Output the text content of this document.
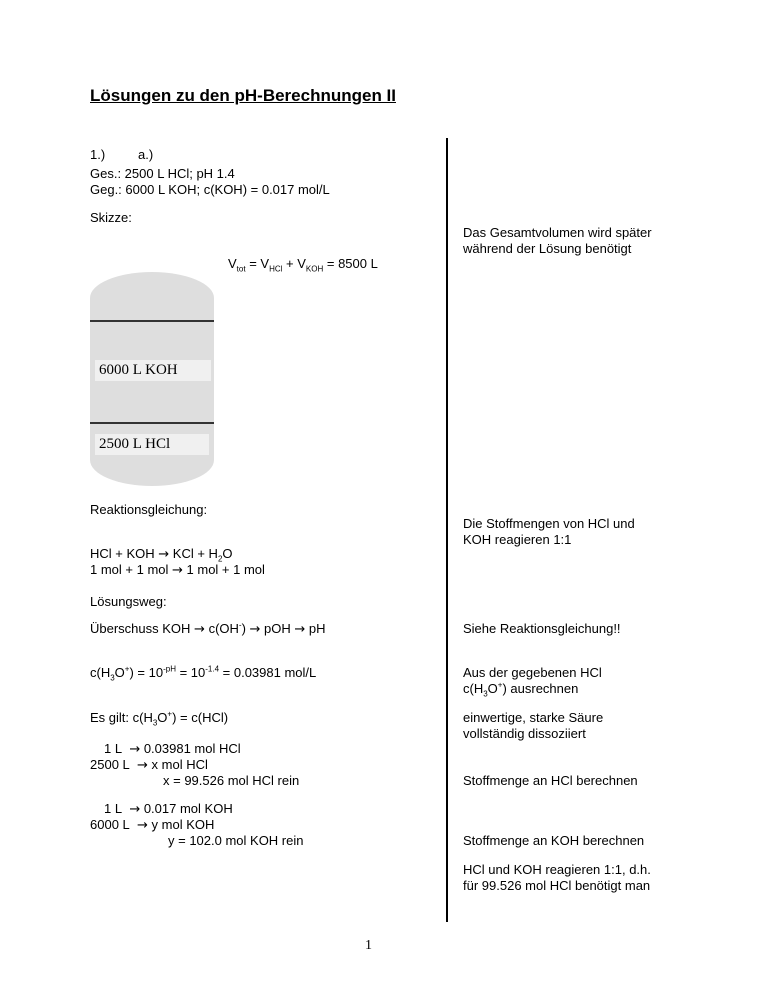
Lösungen zu den pH-Berechnungen II
1.)	a.)
Ges.: 2500 L HCl; pH 1.4
Geg.: 6000 L KOH; c(KOH) = 0.017 mol/L
Skizze:
Das Gesamtvolumen wird später
während der Lösung benötigt
$V_{tot} = V_{HCl} + V_{KOH} = 8500$ L
6000 L KOH
2500 L HCl
Reaktionsgleichung:
Die Stoffmengen von HCl und
KOH reagieren 1:1
HCl + KOH → KCl + $H_2O$
1 mol + 1 mol → 1 mol + 1 mol
Lösungsweg:
Überschuss KOH → c(OH-) → pOH → pH	Siehe Reaktionsgleichung!!
$c(H_3O^+) = 10^{-pH} = 10^{-1.4} = 0.03981$ mol/L	Aus der gegebenen HCl
$c(H_3O^+)$ ausrechnen
Es gilt: $c(H_3O^+) = c(HCl)$	einwertige, starke Säure
vollständig dissoziiert
1 L → 0.03981 mol HCl
2500 L → x mol HCl
x = 99.526 mol HCl rein	Stoffmenge an HCl berechnen
1 L → 0.017 mol KOH
6000 L → y mol KOH
y = 102.0 mol KOH rein	Stoffmenge an KOH berechnen
HCl und KOH reagieren 1:1, d.h.
für 99.526 mol HCl benötigt man
1
